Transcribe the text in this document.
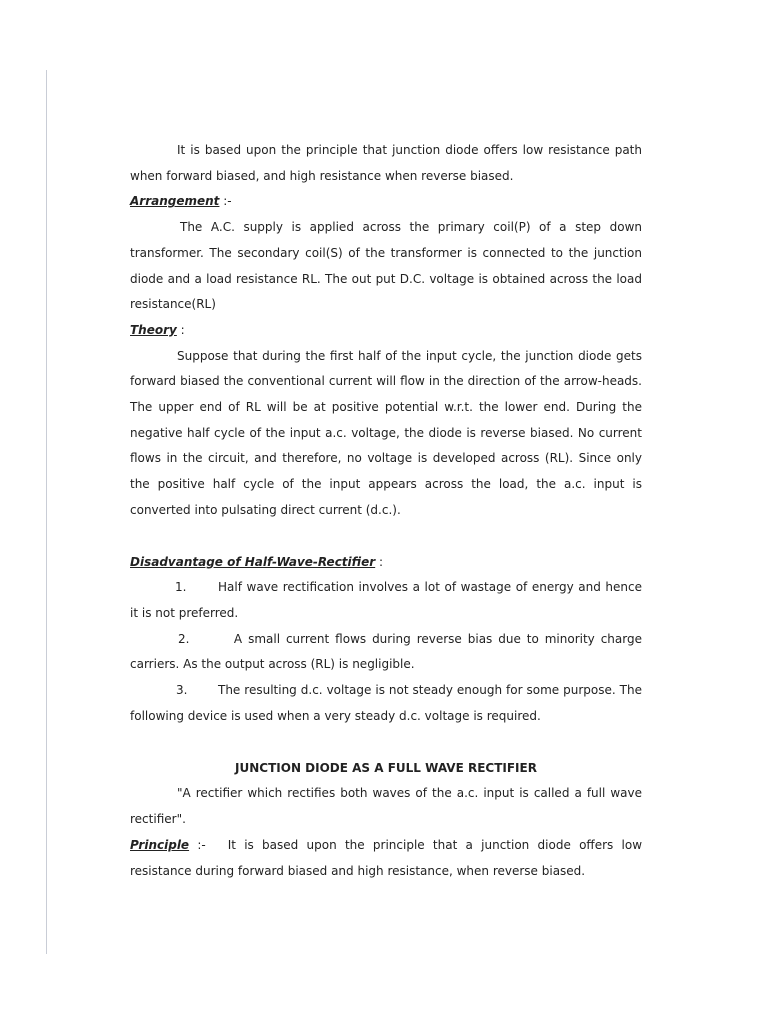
It is based upon the principle that junction diode offers low resistance path when forward biased, and high resistance when reverse biased.

Arrangement :-

The A.C. supply is applied across the primary coil(P) of a step down transformer. The secondary coil(S) of the transformer is connected to the junction diode and a load resistance RL. The out put D.C. voltage is obtained across the load resistance(RL)

Theory :

Suppose that during the first half of the input cycle, the junction diode gets forward biased the conventional current will flow in the direction of the arrow-heads. The upper end of RL will be at positive potential w.r.t. the lower end. During the negative half cycle of the input a.c. voltage, the diode is reverse biased. No current flows in the circuit, and therefore, no voltage is developed across (RL). Since only the positive half cycle of the input appears across the load, the a.c. input is converted into pulsating direct current (d.c.).

Disadvantage of Half-Wave-Rectifier :

1.	Half wave rectification involves a lot of wastage of energy and hence it is not preferred.

2.	A small current flows during reverse bias due to minority charge carriers. As the output across (RL) is negligible.

3.	The resulting d.c. voltage is not steady enough for some purpose. The following device is used when a very steady d.c. voltage is required.

JUNCTION DIODE AS A FULL WAVE RECTIFIER

"A rectifier which rectifies both waves of the a.c. input is called a full wave rectifier".

Principle :- It is based upon the principle that a junction diode offers low resistance during forward biased and high resistance, when reverse biased.
